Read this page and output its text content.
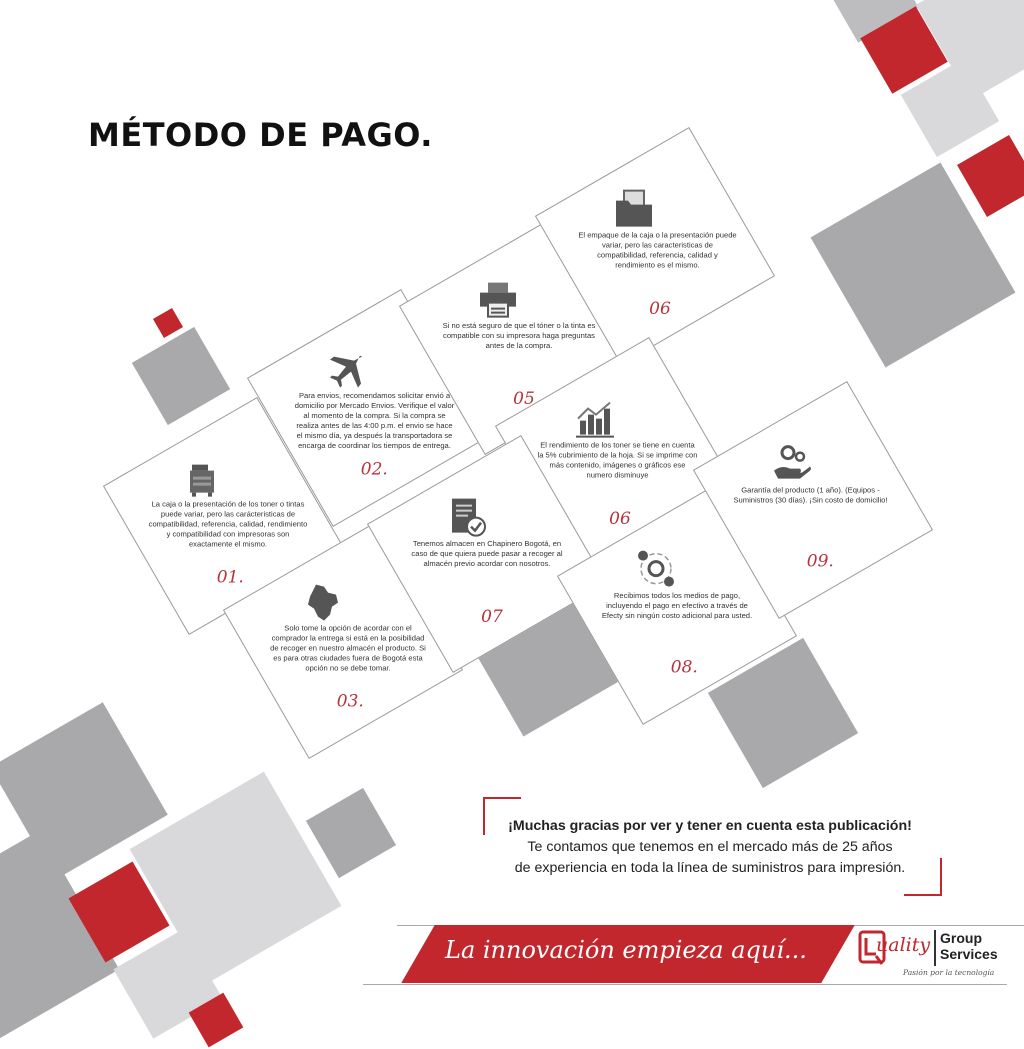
MÉTODO DE PAGO.
La caja o la presentación de los toner o tintas puede variar, pero las carácteristicas de compatibilidad, referencia, calidad, rendimiento y compatibilidad con impresoras son exactamente el mismo.
01.
Para envios, recomendamos solicitar envió a domicilio por Mercado Envios. Verifique el valor al momento de la compra. Si la compra se realiza antes de las 4:00 p.m. el envio se hace el mismo día, ya después la transportadora se encarga de coordinar los tiempos de entrega.
02.
Solo tome la opción de acordar con el comprador la entrega si está en la posibilidad de recoger en nuestro almacén el producto. Si es para otras ciudades fuera de Bogotá esta opción no se debe tomar.
03.
Si no está seguro de que el tóner o la tinta es compatible con su impresora haga preguntas antes de la compra.
05
El empaque de la caja o la presentación puede variar, pero las caracteristicas de compatibilidad, referencia, calidad y rendimiento es el mismo.
06
El rendimiento de los toner se tiene en cuenta la 5% cubrimiento de la hoja. Si se imprime con más contenido, imágenes o gráficos ese numero disminuye
06
Tenemos almacen en Chapinero Bogotá, en caso de que quiera puede pasar a recoger al almacén previo acordar con nosotros.
07
Recibimos todos los medios de pago, incluyendo el pago en efectivo a través de Efecty sin ningún costo adicional para usted.
08.
Garantía del producto (1 año). (Equipos - Suministros (30 días). ¡Sin costo de domicilio!
09.
¡Muchas gracias por ver y tener en cuenta esta publicación!
Te contamos que tenemos en el mercado más de 25 años
de experiencia en toda la línea de suministros para impresión.
La innovación empieza aquí...	uality Group
Services
Pasión por la tecnología
